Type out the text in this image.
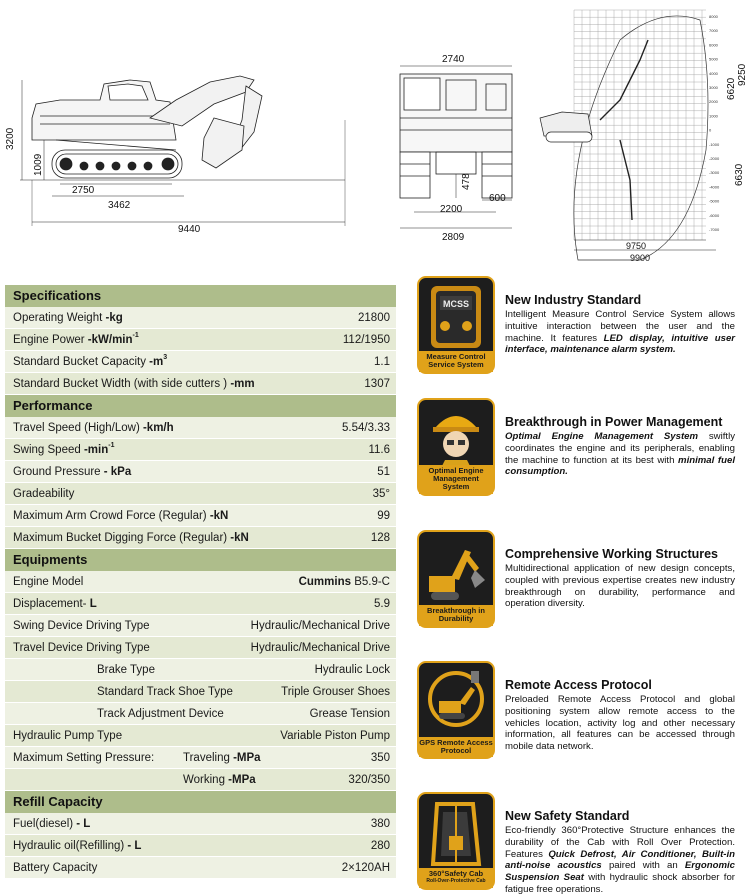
3200
1009
2750
3462
9440
2740
478
600
2200
2809
8000
7000
6000
5000
4000
3000
2000
1000
0
-1000
-2000
-3000
-4000
-5000
-6000
-7000
9750
9900
6620
9250
6630
Specifications
Operating Weight -kg	21800
Engine Power $-kW/\min^{-1}$	112/1950
Standard Bucket Capacity $-m^3$	1.1
Standard Bucket Width (with side cutters ) -mm	1307
Performance
Travel Speed (High/Low) -km/h	5.54/3.33
Swing Speed $-\min^{-1}$	11.6
Ground Pressure - kPa	51
Gradeability	35°
Maximum Arm Crowd Force (Regular) -kN	99
Maximum Bucket Digging Force (Regular) -kN	128
Equipments
Engine Model	Cummins B5.9-C
Displacement- L	5.9
Swing Device Driving Type	Hydraulic/Mechanical Drive
Travel Device Driving Type	Hydraulic/Mechanical Drive
Brake Type	Hydraulic Lock
Standard Track Shoe Type	Triple Grouser Shoes
Track Adjustment Device	Grease Tension
Hydraulic Pump Type	Variable Piston Pump
Maximum Setting Pressure:	Traveling -MPa	350
Working -MPa	320/350
Refill Capacity
Fuel(diesel) - L	380
Hydraulic oil(Refilling) - L	280
Battery Capacity	2×120AH
MCSS
Measure Control Service System
New Industry Standard

Intelligent Measure Control Service System allows intuitive interaction between the user and the machine. It features LED display, intuitive user interface, maintenance alarm system.

Optimal Engine Management System
Breakthrough in Power Management

Optimal Engine Management System swiftly coordinates the engine and its peripherals, enabling the machine to function at its best with minimal fuel consumption.

Breakthrough in Durability
Comprehensive Working Structures

Multidirectional application of new design concepts, coupled with previous expertise creates new industry breakthrough on durability, performance and operation diversity.

GPS Remote Access Protocol
Remote Access Protocol

Preloaded Remote Access Protocol and global positioning system allow remote access to the vehicles location, activity log and other necessary information, all features can be accessed through mobile data network.

360°Safety Cab
Roll-Over-Protective Cab
New Safety Standard

Eco-friendly 360°Protective Structure enhances the durability of the Cab with Roll Over Protection. Features Quick Defrost, Air Conditioner, Built-in anti-noise acoustics paired with an Ergonomic Suspension Seat with hydraulic shock absorber for fatigue free operations.
